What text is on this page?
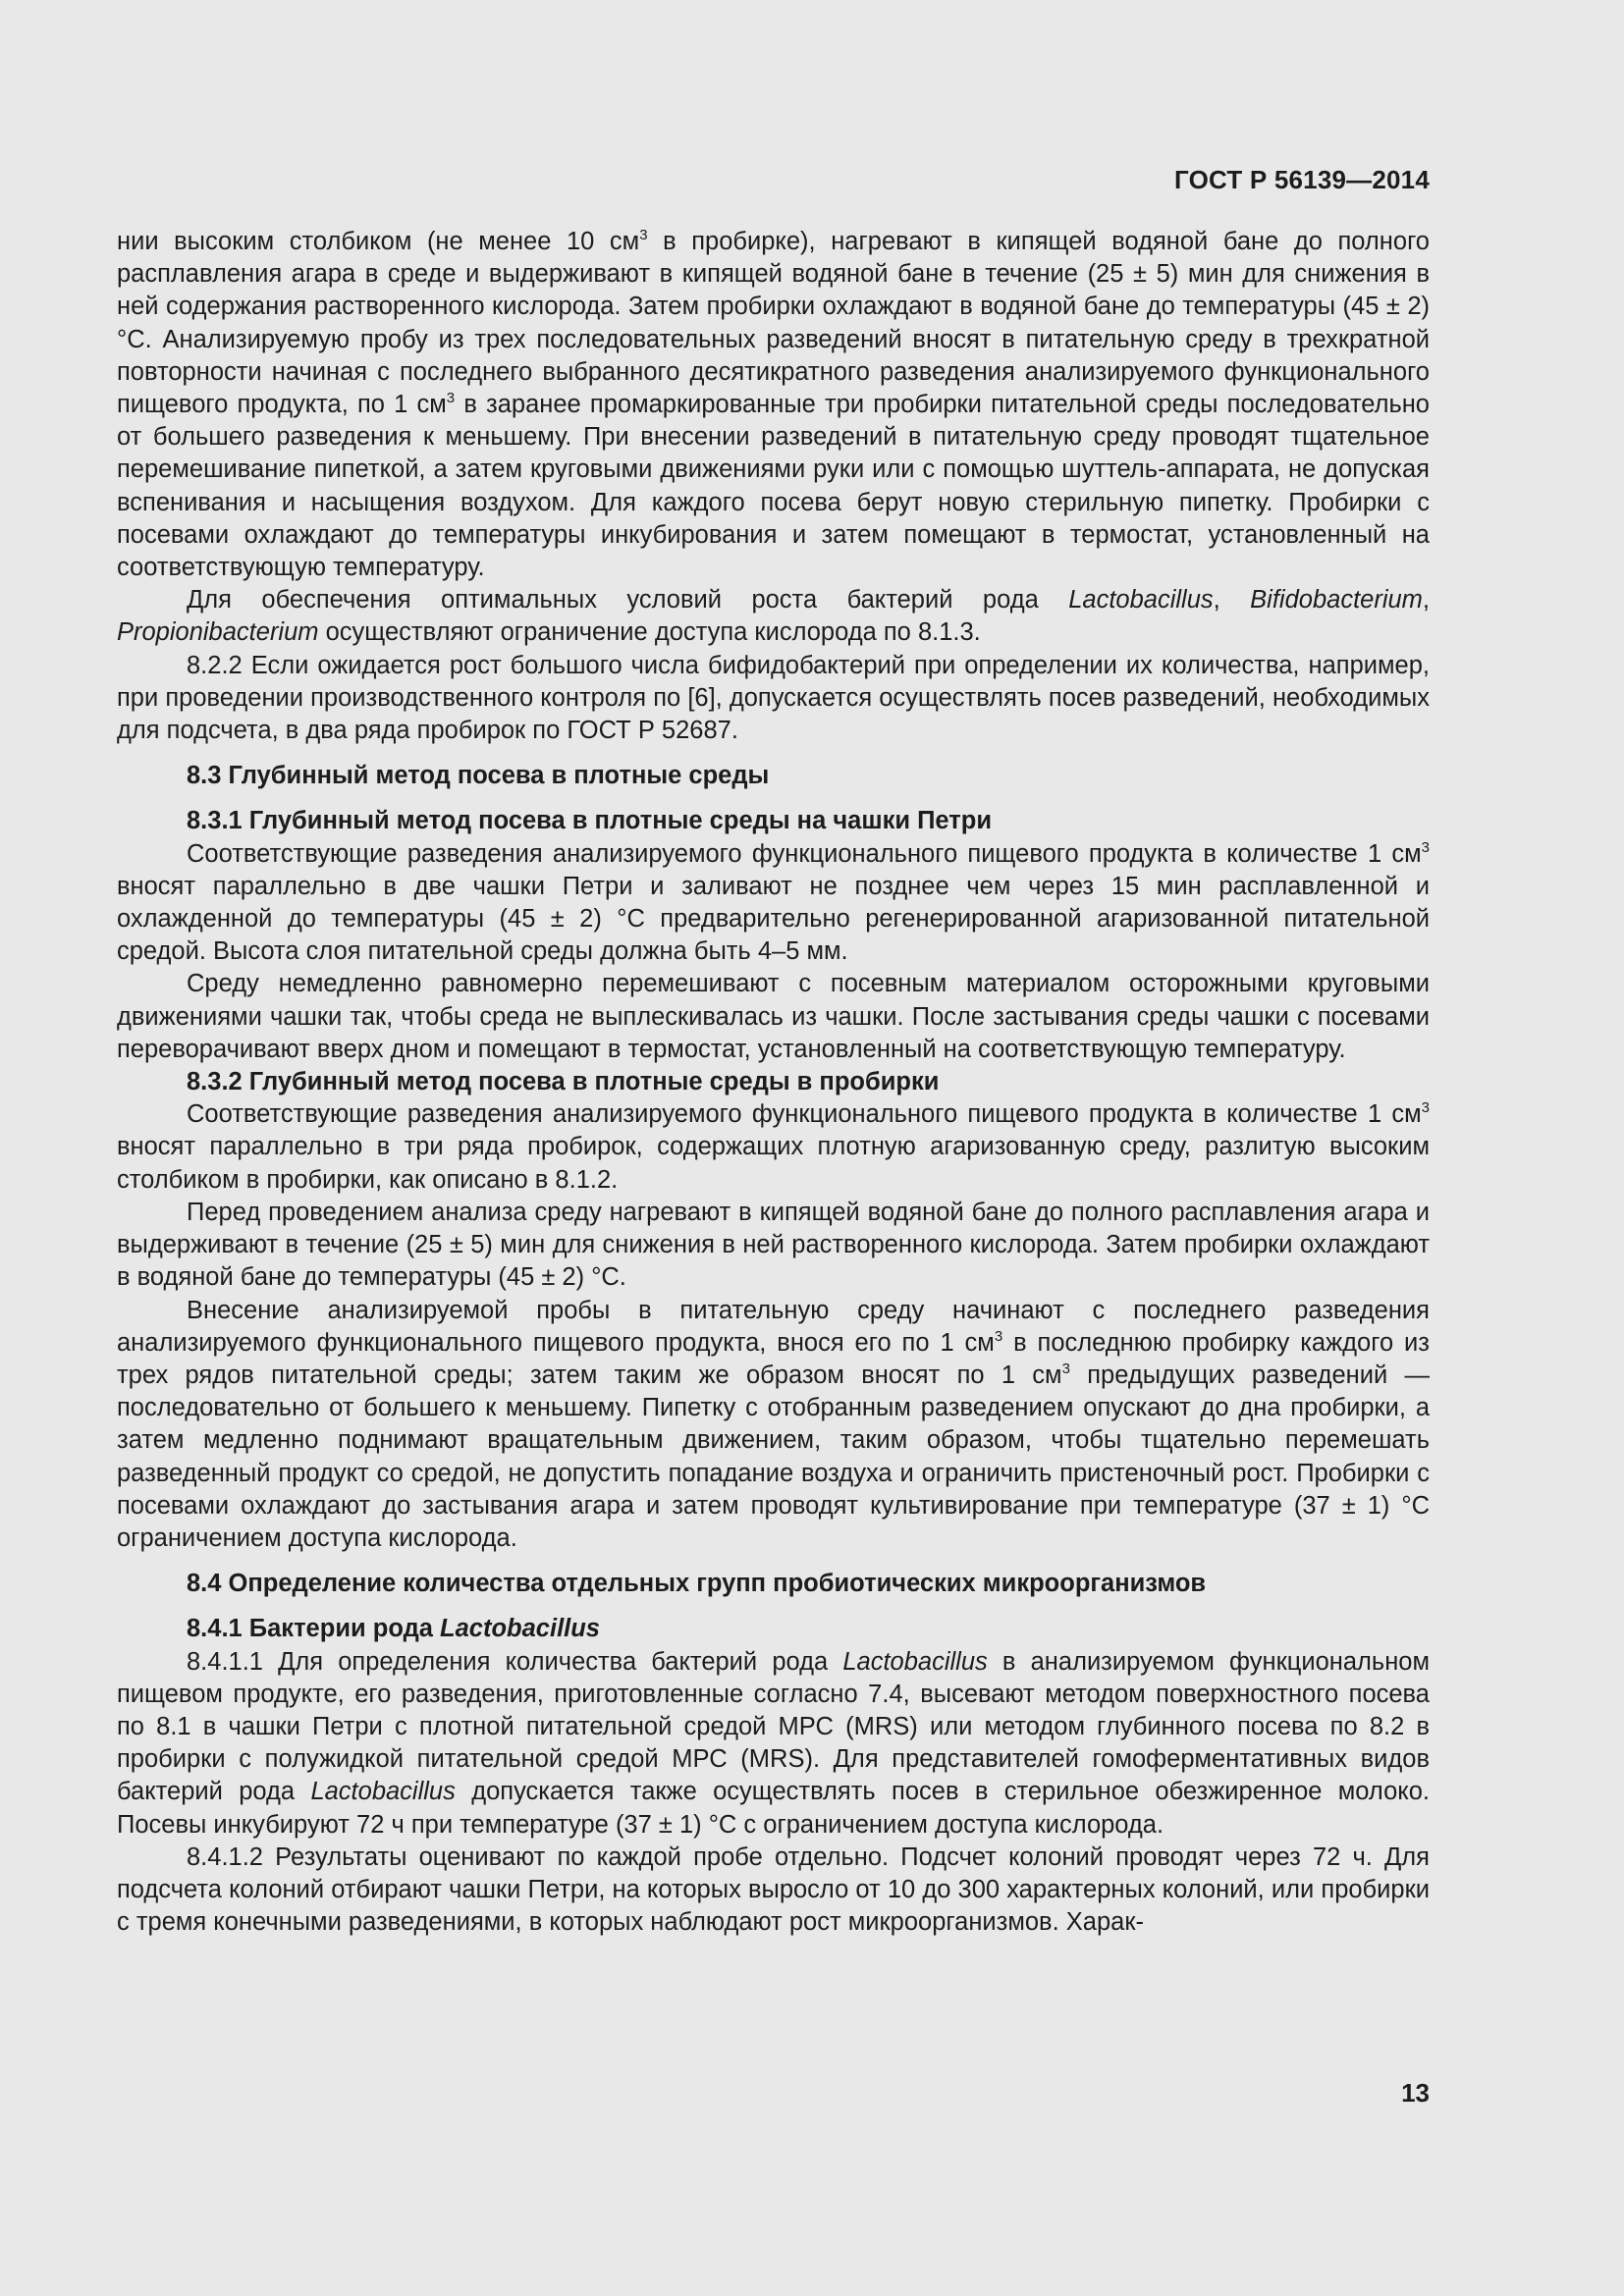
ГОСТ Р 56139—2014

нии высоким столбиком (не менее 10 $см^3$ в пробирке), нагревают в кипящей водяной бане до полного расплавления агара в среде и выдерживают в кипящей водяной бане в течение (25 ± 5) мин для снижения в ней содержания растворенного кислорода. Затем пробирки охлаждают в водяной бане до температуры (45 ± 2) °С. Анализируемую пробу из трех последовательных разведений вносят в питательную среду в трехкратной повторности начиная с последнего выбранного десятикратного разведения анализируемого функционального пищевого продукта, по 1 $см^3$ в заранее промаркированные три пробирки питательной среды последовательно от большего разведения к меньшему. При внесении разведений в питательную среду проводят тщательное перемешивание пипеткой, а затем круговыми движениями руки или с помощью шуттель-аппарата, не допуская вспенивания и насыщения воздухом. Для каждого посева берут новую стерильную пипетку. Пробирки с посевами охлаждают до температуры инкубирования и затем помещают в термостат, установленный на соответствующую температуру.

Для обеспечения оптимальных условий роста бактерий рода Lactobacillus, Bifidobacterium, Propionibacterium осуществляют ограничение доступа кислорода по 8.1.3.

8.2.2 Если ожидается рост большого числа бифидобактерий при определении их количества, например, при проведении производственного контроля по [6], допускается осуществлять посев разведений, необходимых для подсчета, в два ряда пробирок по ГОСТ Р 52687.

8.3 Глубинный метод посева в плотные среды

8.3.1 Глубинный метод посева в плотные среды на чашки Петри

Соответствующие разведения анализируемого функционального пищевого продукта в количестве 1 $см^3$ вносят параллельно в две чашки Петри и заливают не позднее чем через 15 мин расплавленной и охлажденной до температуры (45 ± 2) °С предварительно регенерированной агаризованной питательной средой. Высота слоя питательной среды должна быть 4–5 мм.

Среду немедленно равномерно перемешивают с посевным материалом осторожными круговыми движениями чашки так, чтобы среда не выплескивалась из чашки. После застывания среды чашки с посевами переворачивают вверх дном и помещают в термостат, установленный на соответствующую температуру.

8.3.2 Глубинный метод посева в плотные среды в пробирки

Соответствующие разведения анализируемого функционального пищевого продукта в количестве 1 $см^3$ вносят параллельно в три ряда пробирок, содержащих плотную агаризованную среду, разлитую высоким столбиком в пробирки, как описано в 8.1.2.

Перед проведением анализа среду нагревают в кипящей водяной бане до полного расплавления агара и выдерживают в течение (25 ± 5) мин для снижения в ней растворенного кислорода. Затем пробирки охлаждают в водяной бане до температуры (45 ± 2) °С.

Внесение анализируемой пробы в питательную среду начинают с последнего разведения анализируемого функционального пищевого продукта, внося его по 1 $см^3$ в последнюю пробирку каждого из трех рядов питательной среды; затем таким же образом вносят по 1 $см^3$ предыдущих разведений — последовательно от большего к меньшему. Пипетку с отобранным разведением опускают до дна пробирки, а затем медленно поднимают вращательным движением, таким образом, чтобы тщательно перемешать разведенный продукт со средой, не допустить попадание воздуха и ограничить пристеночный рост. Пробирки с посевами охлаждают до застывания агара и затем проводят культивирование при температуре (37 ± 1) °С ограничением доступа кислорода.

8.4 Определение количества отдельных групп пробиотических микроорганизмов

8.4.1 Бактерии рода Lactobacillus

8.4.1.1 Для определения количества бактерий рода Lactobacillus в анализируемом функциональном пищевом продукте, его разведения, приготовленные согласно 7.4, высевают методом поверхностного посева по 8.1 в чашки Петри с плотной питательной средой МРС (MRS) или методом глубинного посева по 8.2 в пробирки с полужидкой питательной средой МРС (MRS). Для представителей гомоферментативных видов бактерий рода Lactobacillus допускается также осуществлять посев в стерильное обезжиренное молоко. Посевы инкубируют 72 ч при температуре (37 ± 1) °С с ограничением доступа кислорода.

8.4.1.2 Результаты оценивают по каждой пробе отдельно. Подсчет колоний проводят через 72 ч. Для подсчета колоний отбирают чашки Петри, на которых выросло от 10 до 300 характерных колоний, или пробирки с тремя конечными разведениями, в которых наблюдают рост микроорганизмов. Харак-

13
